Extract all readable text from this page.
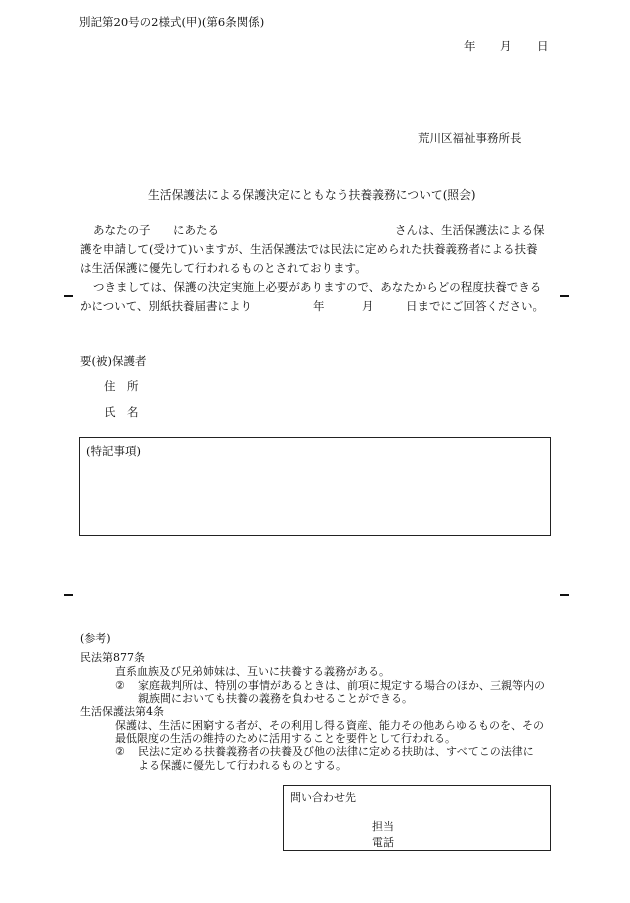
別記第20号の2様式(甲)(第6条関係)
年 月 日
荒川区福祉事務所長
生活保護法による保護決定にともなう扶養義務について(照会)
あなたの子 にあたる	さんは、生活保護法による保
護を申請して(受けて)いますが、生活保護法では民法に定められた扶養義務者による扶養
は生活保護に優先して行われるものとされております。
つきましては、保護の決定実施上必要がありますので、あなたからどの程度扶養できる
かについて、別紙扶養届書により	年	月	日までにご回答ください。
要(被)保護者
住　所
氏　名
(特記事項)
(参考)
民法第877条
直系血族及び兄弟姉妹は、互いに扶養する義務がある。
② 家庭裁判所は、特別の事情があるときは、前項に規定する場合のほか、三親等内の
親族間においても扶養の義務を負わせることができる。
生活保護法第4条
保護は、生活に困窮する者が、その利用し得る資産、能力その他あらゆるものを、その
最低限度の生活の維持のために活用することを要件として行われる。
② 民法に定める扶養義務者の扶養及び他の法律に定める扶助は、すべてこの法律に
よる保護に優先して行われるものとする。
問い合わせ先
担当
電話
